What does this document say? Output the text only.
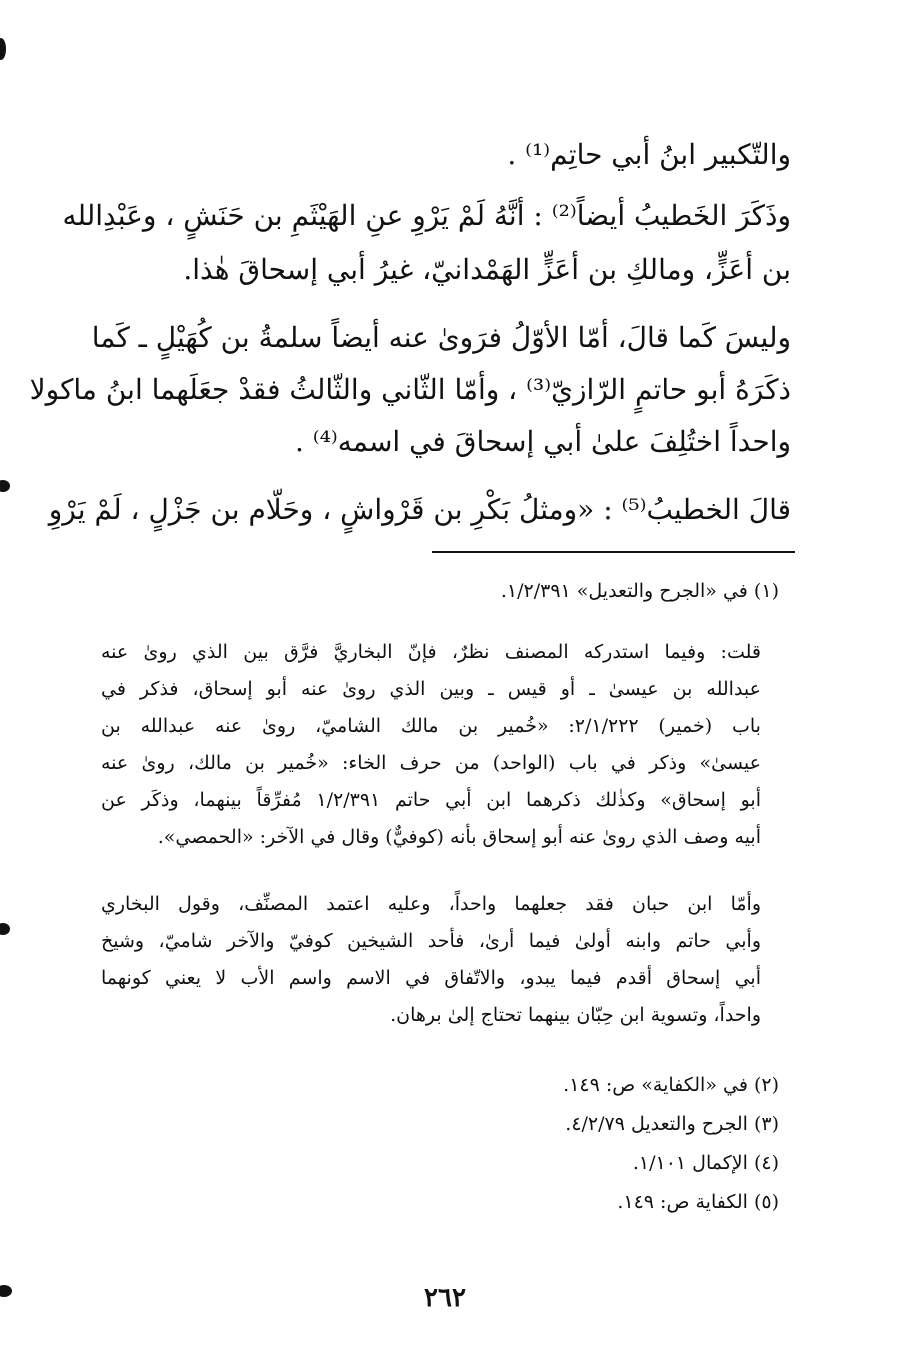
والتّكبير ابنُ أبي حاتِم⁽¹⁾ .
وذَكَرَ الخَطيبُ أيضاً⁽²⁾ : أنَّهُ لَمْ يَرْوِ عنِ الهَيْثَمِ بن حَنَشٍ ، وعَبْدِالله
بن أعَزٍّ، ومالكِ بن أعَزٍّ الهَمْدانيّ، غيرُ أبي إسحاقَ هٰذا.
وليسَ كَما قالَ، أمّا الأوّلُ فرَوىٰ عنه أيضاً سلمةُ بن كُهَيْلٍ ـ كَما
ذكَرَهُ أبو حاتمٍ الرّازيّ⁽³⁾ ، وأمّا الثّاني والثّالثُ فقدْ جعَلَهما ابنُ ماكولا
واحداً اختُلِفَ علىٰ أبي إسحاقَ في اسمه⁽⁴⁾ .
قالَ الخطيبُ⁽⁵⁾ : «ومثلُ بَكْرِ بن قَرْواشٍ ، وحَلّام بن جَزْلٍ ، لَمْ يَرْوِ
(١) في «الجرح والتعديل» ١/٢/٣٩١.
قلت: وفيما استدركه المصنف نظرٌ، فإنّ البخاريَّ فرَّق بين الذي روىٰ عنه
عبدالله بن عيسىٰ ـ أو قيس ـ وبين الذي روىٰ عنه أبو إسحاق، فذكر في
باب (خمير) ٢/١/٢٢٢: «خُمير بن مالك الشاميّ، روىٰ عنه عبدالله بن
عيسىٰ» وذكر في باب (الواحد) من حرف الخاء: «خُمير بن مالك، روىٰ عنه
أبو إسحاق» وكذٰلك ذكرهما ابن أبي حاتم ١/٢/٣٩١ مُفرِّقاً بينهما، وذكَر عن
أبيه وصف الذي روىٰ عنه أبو إسحاق بأنه (كوفيٌّ) وقال في الآخر: «الحمصي».
وأمّا ابن حبان فقد جعلهما واحداً، وعليه اعتمد المصنِّف، وقول البخاري
وأبي حاتم وابنه أولىٰ فيما أرىٰ، فأحد الشيخين كوفيّ والآخر شاميّ، وشيخ
أبي إسحاق أقدم فيما يبدو، والاتّفاق في الاسم واسم الأب لا يعني كونهما
واحداً، وتسوية ابن حِبّان بينهما تحتاج إلىٰ برهان.
(٢) في «الكفاية» ص: ١٤٩.
(٣) الجرح والتعديل ٤/٢/٧٩.
(٤) الإكمال ١/١٠١.
(٥) الكفاية ص: ١٤٩.
٢٦٢
